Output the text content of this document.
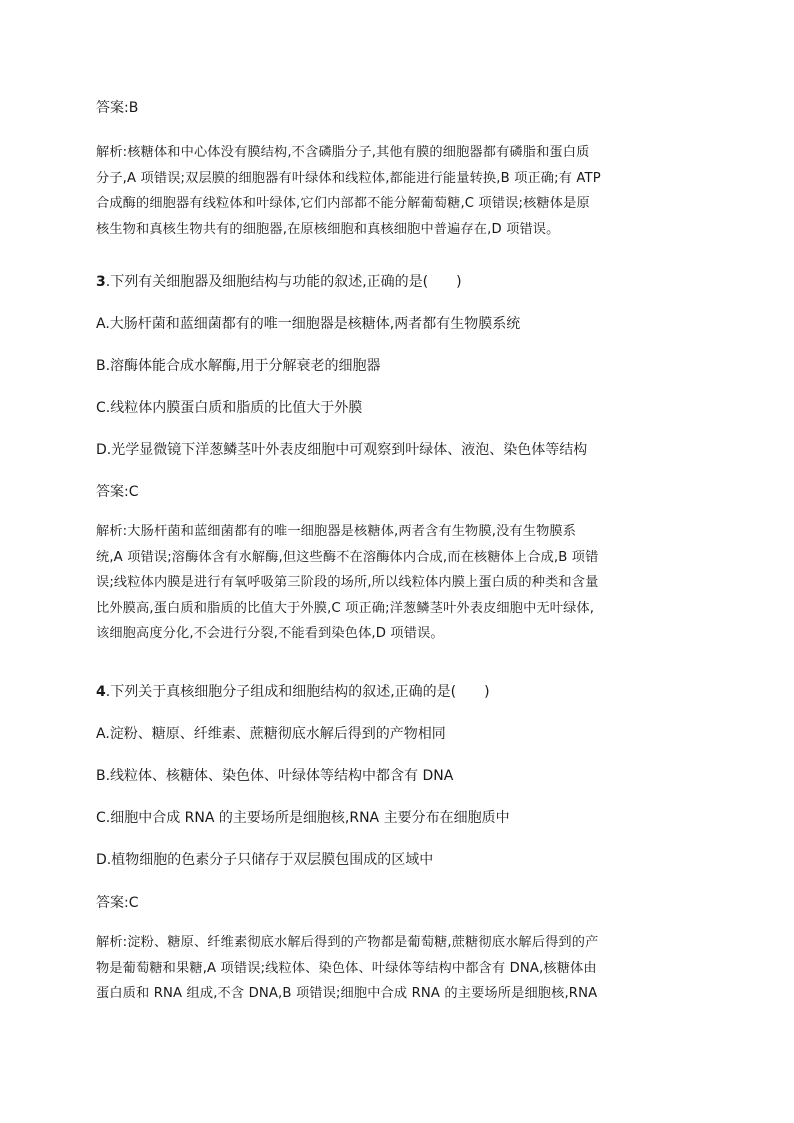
答案:B
解析:核糖体和中心体没有膜结构,不含磷脂分子,其他有膜的细胞器都有磷脂和蛋白质
分子,A 项错误;双层膜的细胞器有叶绿体和线粒体,都能进行能量转换,B 项正确;有 ATP
合成酶的细胞器有线粒体和叶绿体,它们内部都不能分解葡萄糖,C 项错误;核糖体是原
核生物和真核生物共有的细胞器,在原核细胞和真核细胞中普遍存在,D 项错误。
3.下列有关细胞器及细胞结构与功能的叙述,正确的是(　　)
A.大肠杆菌和蓝细菌都有的唯一细胞器是核糖体,两者都有生物膜系统
B.溶酶体能合成水解酶,用于分解衰老的细胞器
C.线粒体内膜蛋白质和脂质的比值大于外膜
D.光学显微镜下洋葱鳞茎叶外表皮细胞中可观察到叶绿体、液泡、染色体等结构
答案:C
解析:大肠杆菌和蓝细菌都有的唯一细胞器是核糖体,两者含有生物膜,没有生物膜系
统,A 项错误;溶酶体含有水解酶,但这些酶不在溶酶体内合成,而在核糖体上合成,B 项错
误;线粒体内膜是进行有氧呼吸第三阶段的场所,所以线粒体内膜上蛋白质的种类和含量
比外膜高,蛋白质和脂质的比值大于外膜,C 项正确;洋葱鳞茎叶外表皮细胞中无叶绿体,
该细胞高度分化,不会进行分裂,不能看到染色体,D 项错误。
4.下列关于真核细胞分子组成和细胞结构的叙述,正确的是(　　)
A.淀粉、糖原、纤维素、蔗糖彻底水解后得到的产物相同
B.线粒体、核糖体、染色体、叶绿体等结构中都含有 DNA
C.细胞中合成 RNA 的主要场所是细胞核,RNA 主要分布在细胞质中
D.植物细胞的色素分子只储存于双层膜包围成的区域中
答案:C
解析:淀粉、糖原、纤维素彻底水解后得到的产物都是葡萄糖,蔗糖彻底水解后得到的产
物是葡萄糖和果糖,A 项错误;线粒体、染色体、叶绿体等结构中都含有 DNA,核糖体由
蛋白质和 RNA 组成,不含 DNA,B 项错误;细胞中合成 RNA 的主要场所是细胞核,RNA
